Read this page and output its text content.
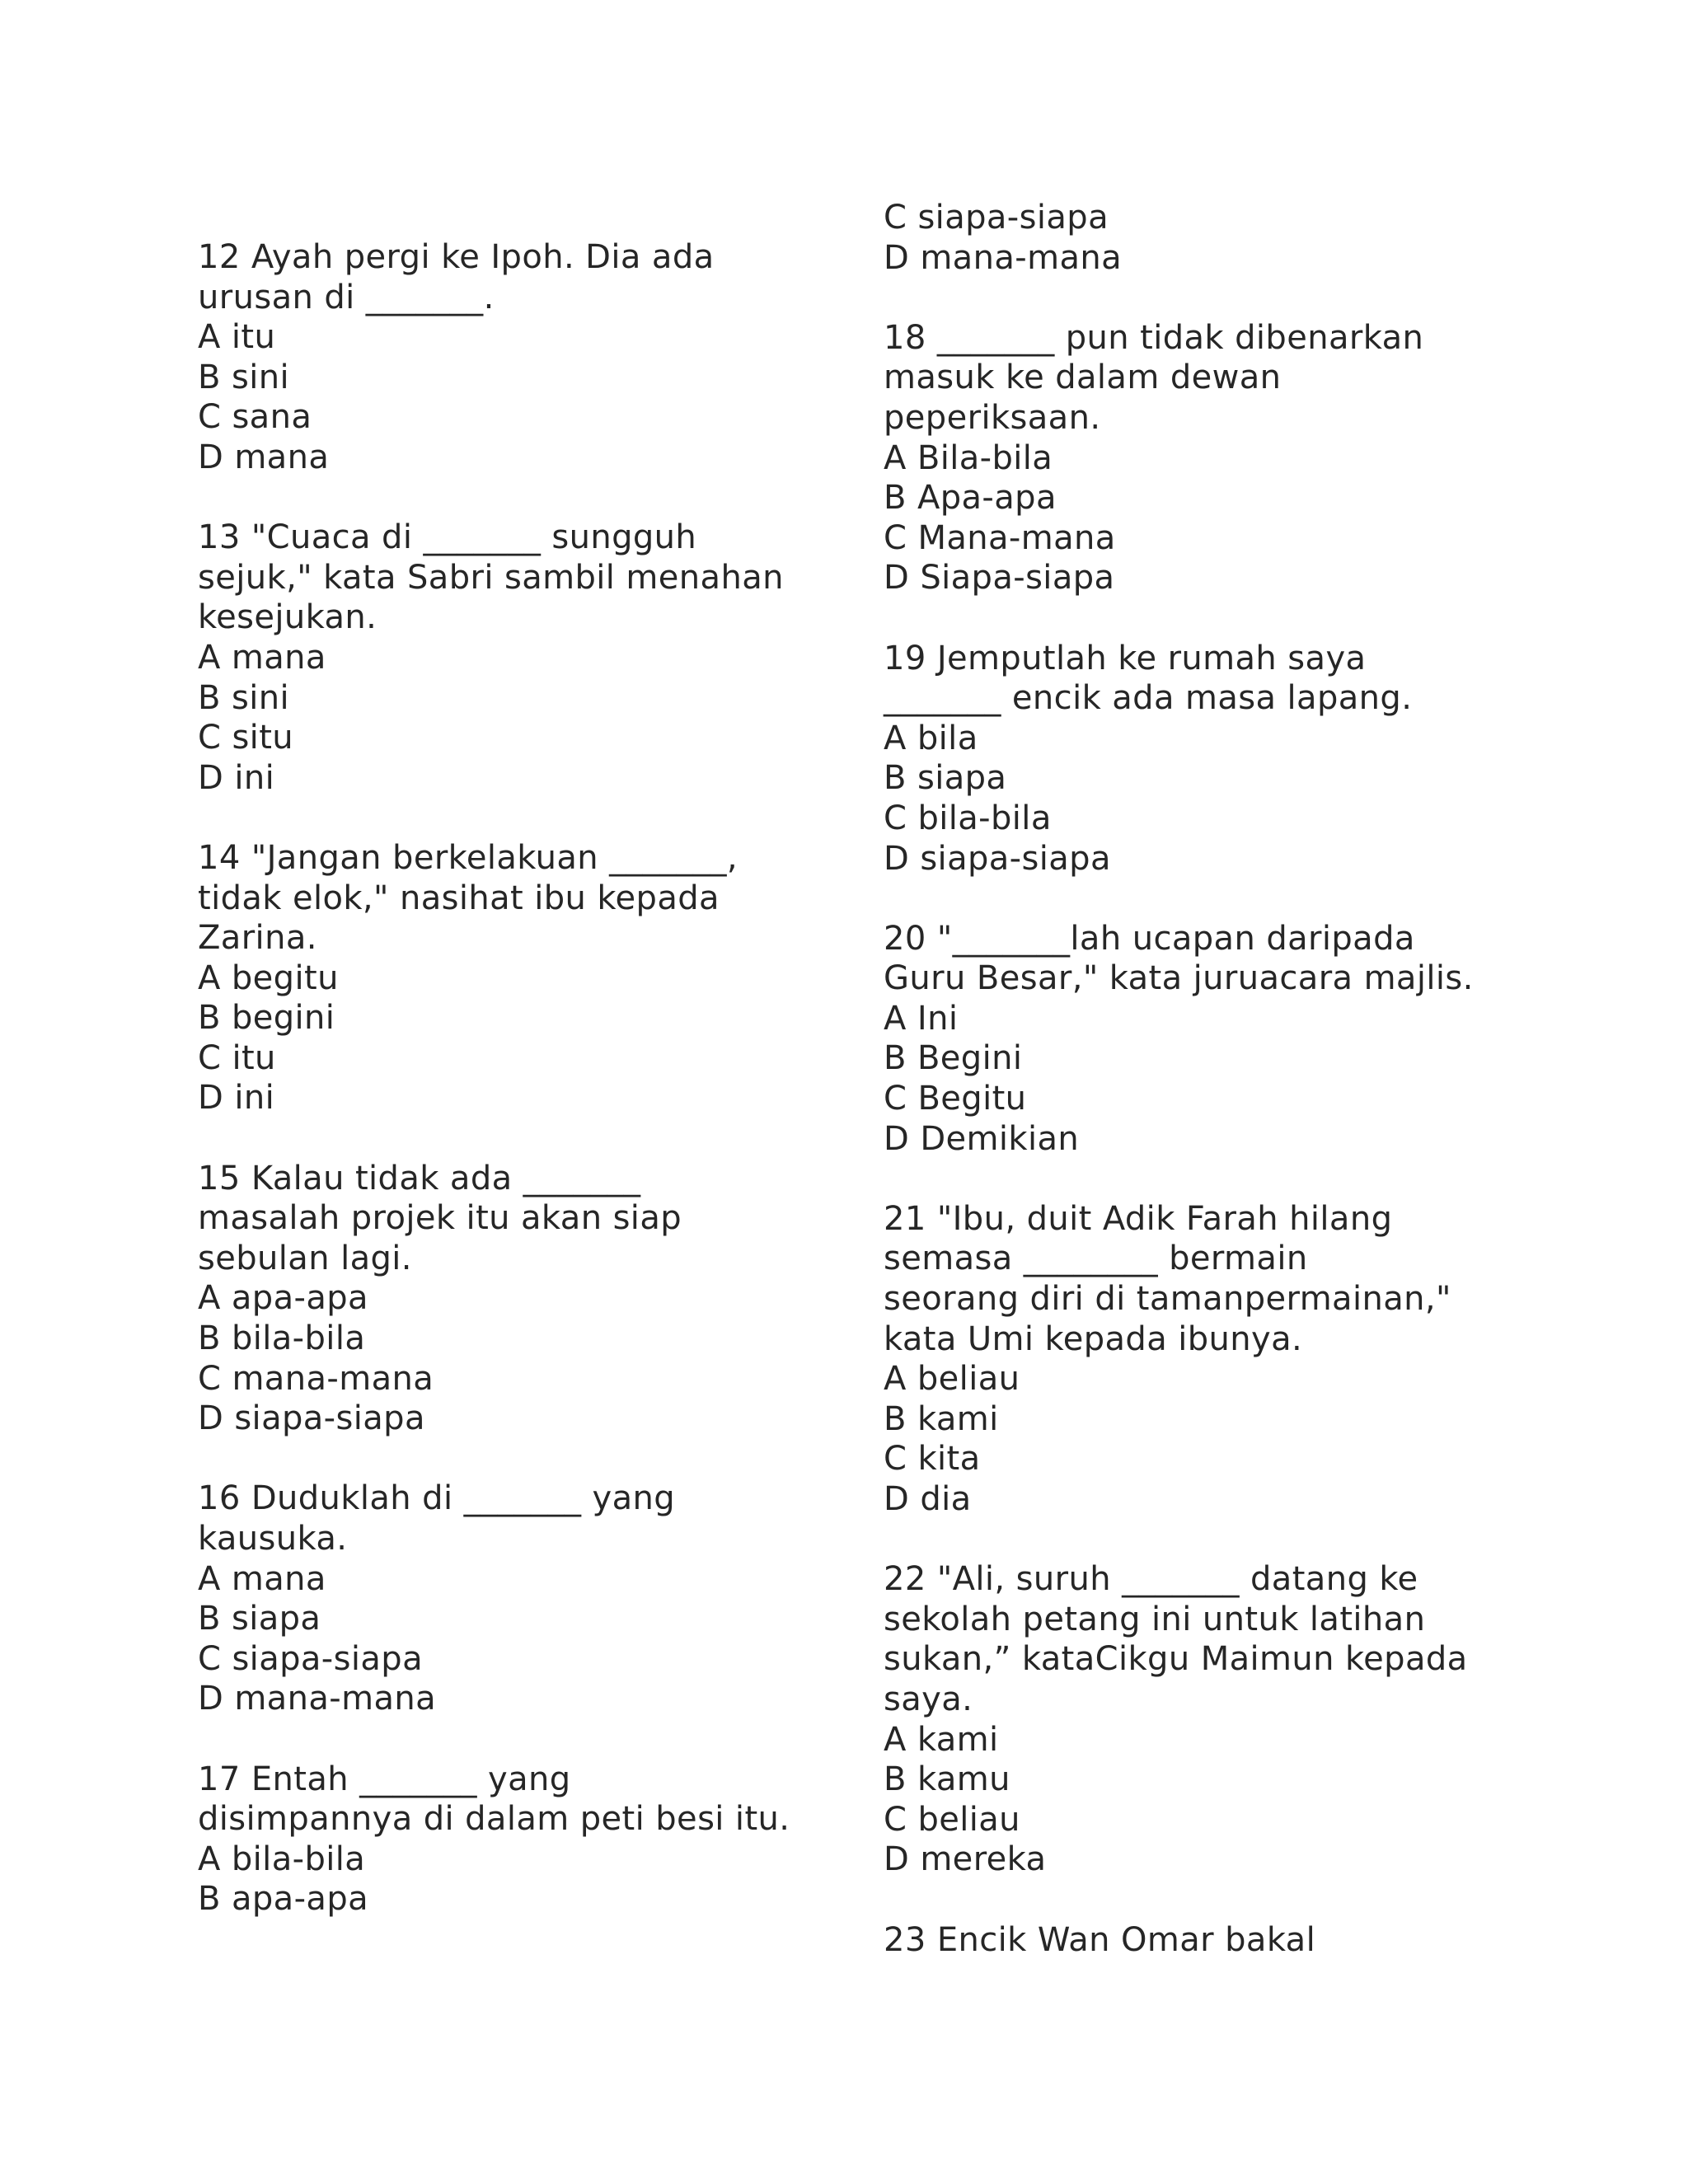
12 Ayah pergi ke Ipoh. Dia ada
urusan di _______.
A itu
B sini
C sana
D mana
13 "Cuaca di _______ sungguh
sejuk," kata Sabri sambil menahan
kesejukan.
A mana
B sini
C situ
D ini
14 "Jangan berkelakuan _______,
tidak elok," nasihat ibu kepada
Zarina.
A begitu
B begini
C itu
D ini
15 Kalau tidak ada _______
masalah projek itu akan siap
sebulan lagi.
A apa-apa
B bila-bila
C mana-mana
D siapa-siapa
16 Duduklah di _______ yang
kausuka.
A mana
B siapa
C siapa-siapa
D mana-mana
17 Entah _______ yang
disimpannya di dalam peti besi itu.
A bila-bila
B apa-apa
C siapa-siapa
D mana-mana
18 _______ pun tidak dibenarkan
masuk ke dalam dewan
peperiksaan.
A Bila-bila
B Apa-apa
C Mana-mana
D Siapa-siapa
19 Jemputlah ke rumah saya
_______ encik ada masa lapang.
A bila
B siapa
C bila-bila
D siapa-siapa
20 "_______lah ucapan daripada
Guru Besar," kata juruacara majlis.
A Ini
B Begini
C Begitu
D Demikian
21 "Ibu, duit Adik Farah hilang
semasa ________ bermain
seorang diri di tamanpermainan,"
kata Umi kepada ibunya.
A beliau
B kami
C kita
D dia
22 "Ali, suruh _______ datang ke
sekolah petang ini untuk latihan
sukan,” kataCikgu Maimun kepada
saya.
A kami
B kamu
C beliau
D mereka
23 Encik Wan Omar bakal
